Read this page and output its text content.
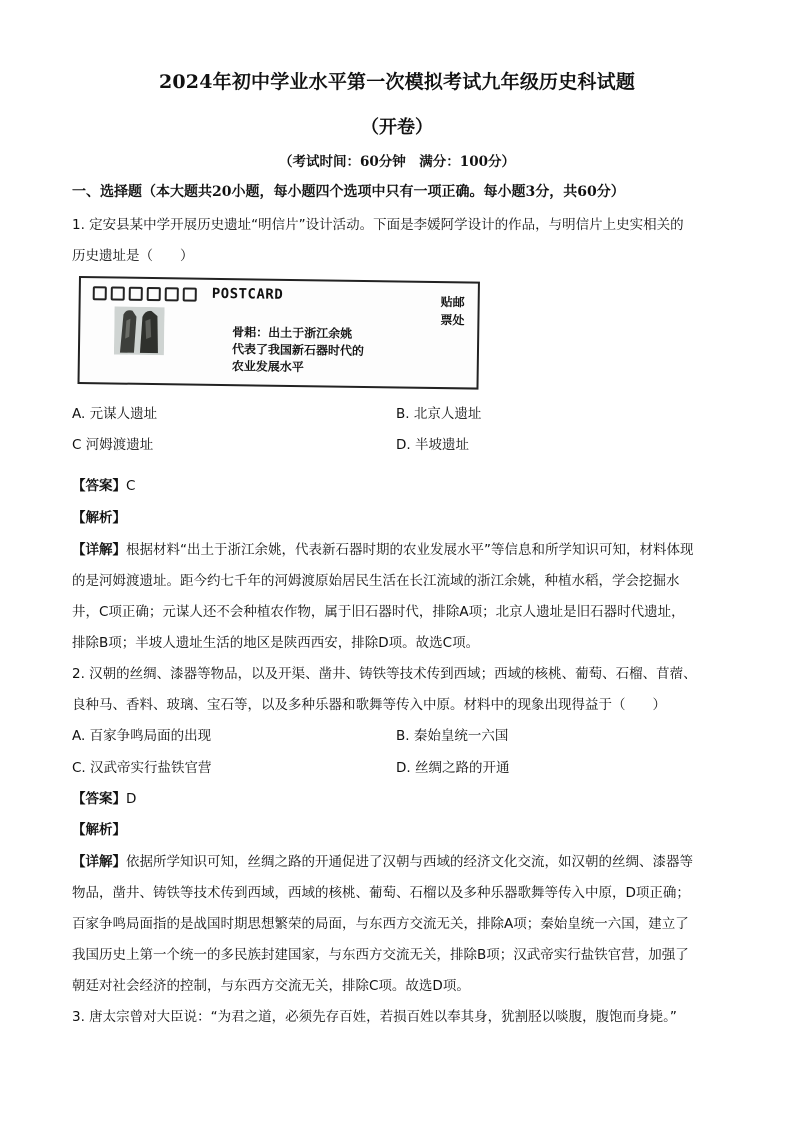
2024年初中学业水平第一次模拟考试九年级历史科试题
（开卷）
（考试时间：60分钟　满分：100分）
一、选择题（本大题共20小题，每小题四个选项中只有一项正确。每小题3分，共60分）
1. 定安县某中学开展历史遗址“明信片”设计活动。下面是李媛阿学设计的作品，与明信片上史实相关的
历史遗址是（　　）
POSTCARD	贴邮票处
骨耜：出土于浙江余姚
代表了我国新石器时代的
农业发展水平
A. 元谋人遗址	B. 北京人遗址
C 河姆渡遗址	D. 半坡遗址
【答案】C
【解析】
【详解】根据材料“出土于浙江余姚，代表新石器时期的农业发展水平”等信息和所学知识可知，材料体现
的是河姆渡遗址。距今约七千年的河姆渡原始居民生活在长江流域的浙江余姚，种植水稻，学会挖掘水
井，C项正确；元谋人还不会种植农作物，属于旧石器时代，排除A项；北京人遗址是旧石器时代遗址，
排除B项；半坡人遗址生活的地区是陕西西安，排除D项。故选C项。
2. 汉朝的丝绸、漆器等物品，以及开渠、凿井、铸铁等技术传到西域；西域的核桃、葡萄、石榴、苜蓿、
良种马、香料、玻璃、宝石等，以及多种乐器和歌舞等传入中原。材料中的现象出现得益于（　　）
A. 百家争鸣局面的出现	B. 秦始皇统一六国
C. 汉武帝实行盐铁官营	D. 丝绸之路的开通
【答案】D
【解析】
【详解】依据所学知识可知，丝绸之路的开通促进了汉朝与西域的经济文化交流，如汉朝的丝绸、漆器等
物品，凿井、铸铁等技术传到西域，西域的核桃、葡萄、石榴以及多种乐器歌舞等传入中原，D项正确；
百家争鸣局面指的是战国时期思想繁荣的局面，与东西方交流无关，排除A项；秦始皇统一六国，建立了
我国历史上第一个统一的多民族封建国家，与东西方交流无关，排除B项；汉武帝实行盐铁官营，加强了
朝廷对社会经济的控制，与东西方交流无关，排除C项。故选D项。
3. 唐太宗曾对大臣说：“为君之道，必须先存百姓，若损百姓以奉其身，犹割胫以啖腹，腹饱而身毙。”
